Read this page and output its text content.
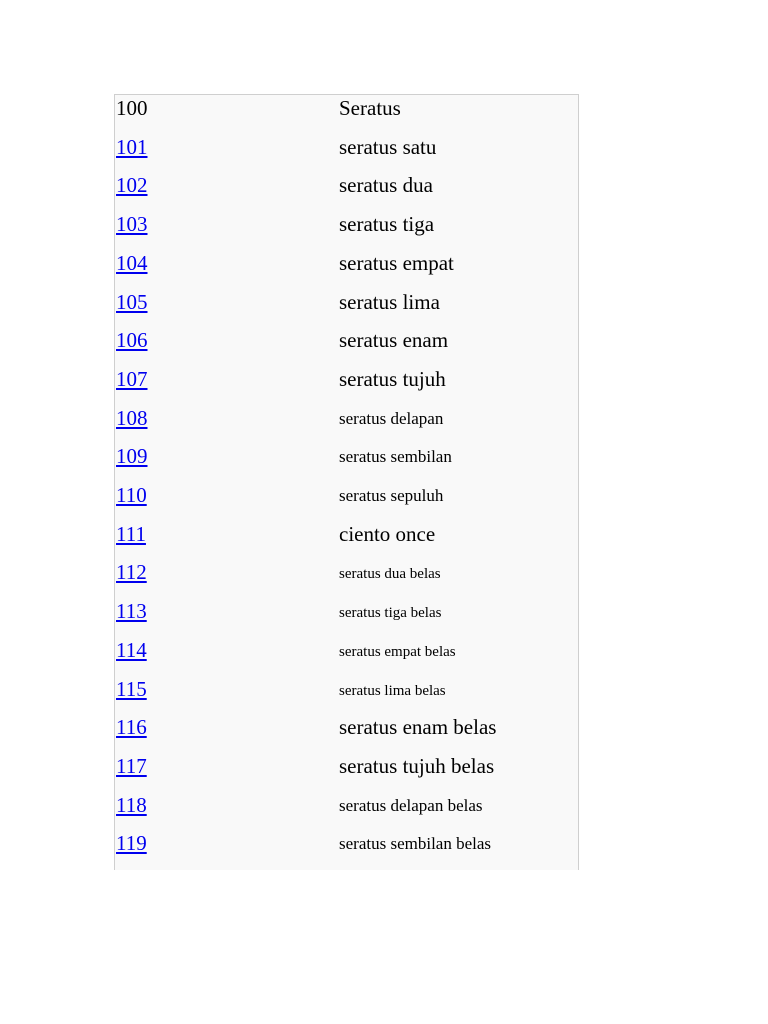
100	Seratus
101	seratus satu
102	seratus dua
103	seratus tiga
104	seratus empat
105	seratus lima
106	seratus enam
107	seratus tujuh
108	seratus delapan
109	seratus sembilan
110	seratus sepuluh
111	ciento once
112	seratus dua belas
113	seratus tiga belas
114	seratus empat belas
115	seratus lima belas
116	seratus enam belas
117	seratus tujuh belas
118	seratus delapan belas
119	seratus sembilan belas
